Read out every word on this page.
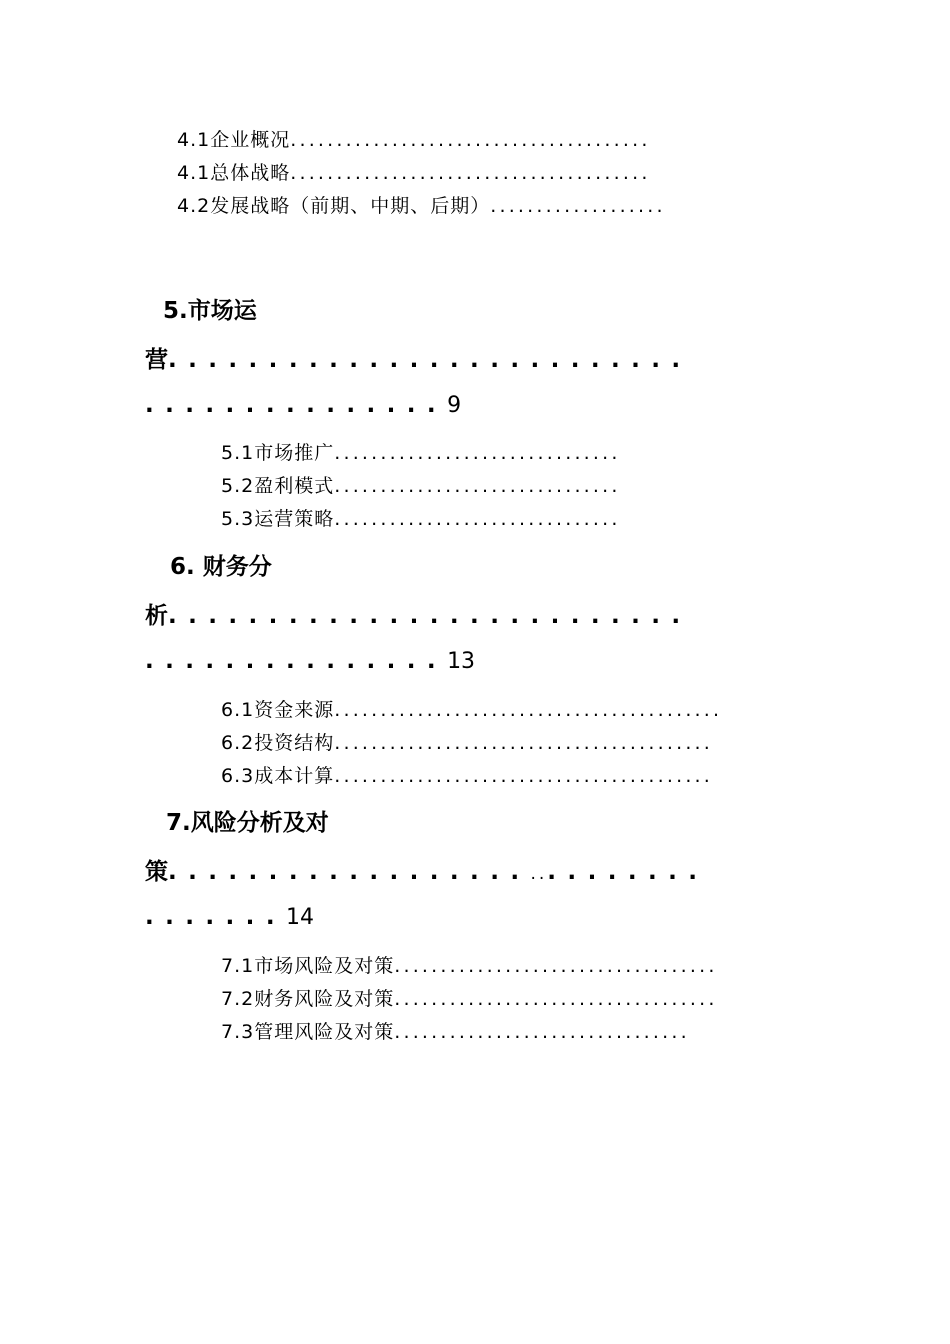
4.1企业概况.......................................
4.1总体战略.......................................
4.2发展战略（前期、中期、后期）...................
5.市场运
营..........................
...............9
5.1市场推广...............................
5.2盈利模式...............................
5.3运营策略...............................
6. 财务分
析..........................
...............13
6.1资金来源..........................................
6.2投资结构.........................................
6.3成本计算.........................................
7.风险分析及对
策............................
.......14
7.1市场风险及对策...................................
7.2财务风险及对策...................................
7.3管理风险及对策................................
